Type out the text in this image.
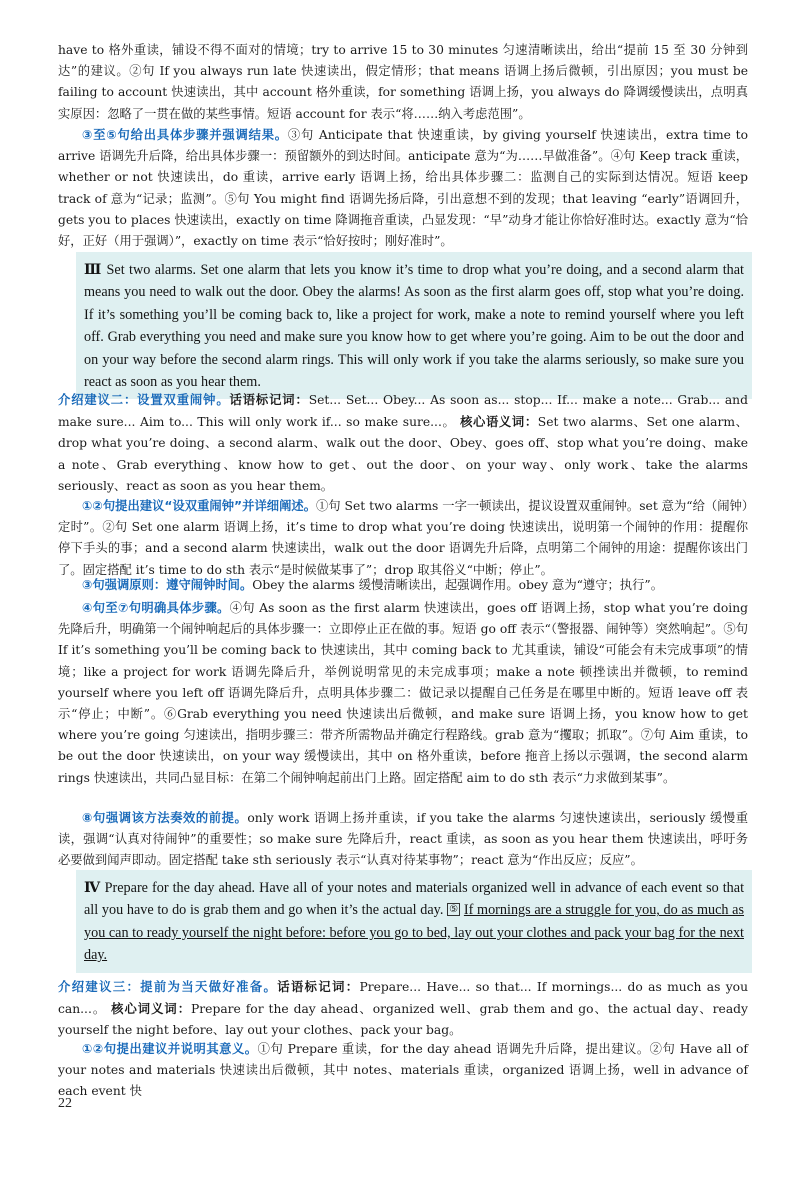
have to 格外重读，铺设不得不面对的情境；try to arrive 15 to 30 minutes 匀速清晰读出，给出“提前 15 至 30 分钟到达”的建议。②句 If you always run late 快速读出，假定情形；that means 语调上扬后微顿，引出原因；you must be failing to account 快速读出，其中 account 格外重读，for something 语调上扬，you always do 降调缓慢读出，点明真实原因：忽略了一贯在做的某些事情。短语 account for 表示“将……纳入考虑范围”。

③至⑤句给出具体步骤并强调结果。③句 Anticipate that 快速重读，by giving yourself 快速读出，extra time to arrive 语调先升后降，给出具体步骤一：预留额外的到达时间。anticipate 意为“为……早做准备”。④句 Keep track 重读，whether or not 快速读出，do 重读，arrive early 语调上扬，给出具体步骤二：监测自己的实际到达情况。短语 keep track of 意为“记录；监测”。⑤句 You might find 语调先扬后降，引出意想不到的发现；that leaving “early”语调回升，gets you to places 快速读出，exactly on time 降调拖音重读，凸显发现：“早”动身才能让你恰好准时达。exactly 意为“恰好，正好（用于强调）”，exactly on time 表示“恰好按时；刚好准时”。

Ⅲ Set two alarms. Set one alarm that lets you know it’s time to drop what you’re doing, and a second alarm that means you need to walk out the door. Obey the alarms! As soon as the first alarm goes off, stop what you’re doing. If it’s something you’ll be coming back to, like a project for work, make a note to remind yourself where you left off. Grab everything you need and make sure you know how to get where you’re going. Aim to be out the door and on your way before the second alarm rings. This will only work if you take the alarms seriously, so make sure you react as soon as you hear them.

介绍建议二：设置双重闹钟。话语标记词：Set... Set... Obey... As soon as... stop... If... make a note... Grab... and make sure... Aim to... This will only work if... so make sure...。 核心语义词：Set two alarms、Set one alarm、drop what you’re doing、a second alarm、walk out the door、Obey、goes off、stop what you’re doing、make a note、Grab everything、know how to get、out the door、on your way、only work、take the alarms seriously、react as soon as you hear them。

①②句提出建议“设双重闹钟”并详细阐述。①句 Set two alarms 一字一顿读出，提议设置双重闹钟。set 意为“给（闹钟）定时”。②句 Set one alarm 语调上扬，it’s time to drop what you’re doing 快速读出，说明第一个闹钟的作用：提醒你停下手头的事；and a second alarm 快速读出，walk out the door 语调先升后降，点明第二个闹钟的用途：提醒你该出门了。固定搭配 it’s time to do sth 表示“是时候做某事了”；drop 取其俗义“中断；停止”。

③句强调原则：遵守闹钟时间。Obey the alarms 缓慢清晰读出，起强调作用。obey 意为“遵守；执行”。

④句至⑦句明确具体步骤。④句 As soon as the first alarm 快速读出，goes off 语调上扬，stop what you’re doing 先降后升，明确第一个闹钟响起后的具体步骤一：立即停止正在做的事。短语 go off 表示“（警报器、闹钟等）突然响起”。⑤句 If it’s something you’ll be coming back to 快速读出，其中 coming back to 尤其重读，铺设“可能会有未完成事项”的情境；like a project for work 语调先降后升，举例说明常见的未完成事项；make a note 顿挫读出并微顿，to remind yourself where you left off 语调先降后升，点明具体步骤二：做记录以提醒自己任务是在哪里中断的。短语 leave off 表示“停止；中断”。⑥Grab everything you need 快速读出后微顿，and make sure 语调上扬，you know how to get where you’re going 匀速读出，指明步骤三：带齐所需物品并确定行程路线。grab 意为“攫取；抓取”。⑦句 Aim 重读，to be out the door 快速读出，on your way 缓慢读出，其中 on 格外重读，before 拖音上扬以示强调，the second alarm rings 快速读出，共同凸显目标：在第二个闹钟响起前出门上路。固定搭配 aim to do sth 表示“力求做到某事”。

⑧句强调该方法奏效的前提。only work 语调上扬并重读，if you take the alarms 匀速快速读出，seriously 缓慢重读，强调“认真对待闹钟”的重要性；so make sure 先降后升，react 重读，as soon as you hear them 快速读出，呼吁务必要做到闻声即动。固定搭配 take sth seriously 表示“认真对待某事物”；react 意为“作出反应；反应”。

Ⅳ Prepare for the day ahead. Have all of your notes and materials organized well in advance of each event so that all you have to do is grab them and go when it’s the actual day. ⑤ If mornings are a struggle for you, do as much as you can to ready yourself the night before: before you go to bed, lay out your clothes and pack your bag for the next day.

介绍建议三：提前为当天做好准备。话语标记词：Prepare... Have... so that... If mornings... do as much as you can...。 核心词义词：Prepare for the day ahead、organized well、grab them and go、the actual day、ready yourself the night before、lay out your clothes、pack your bag。

①②句提出建议并说明其意义。①句 Prepare 重读，for the day ahead 语调先升后降，提出建议。②句 Have all of your notes and materials 快速读出后微顿，其中 notes、materials 重读，organized 语调上扬，well in advance of each event 快

22
